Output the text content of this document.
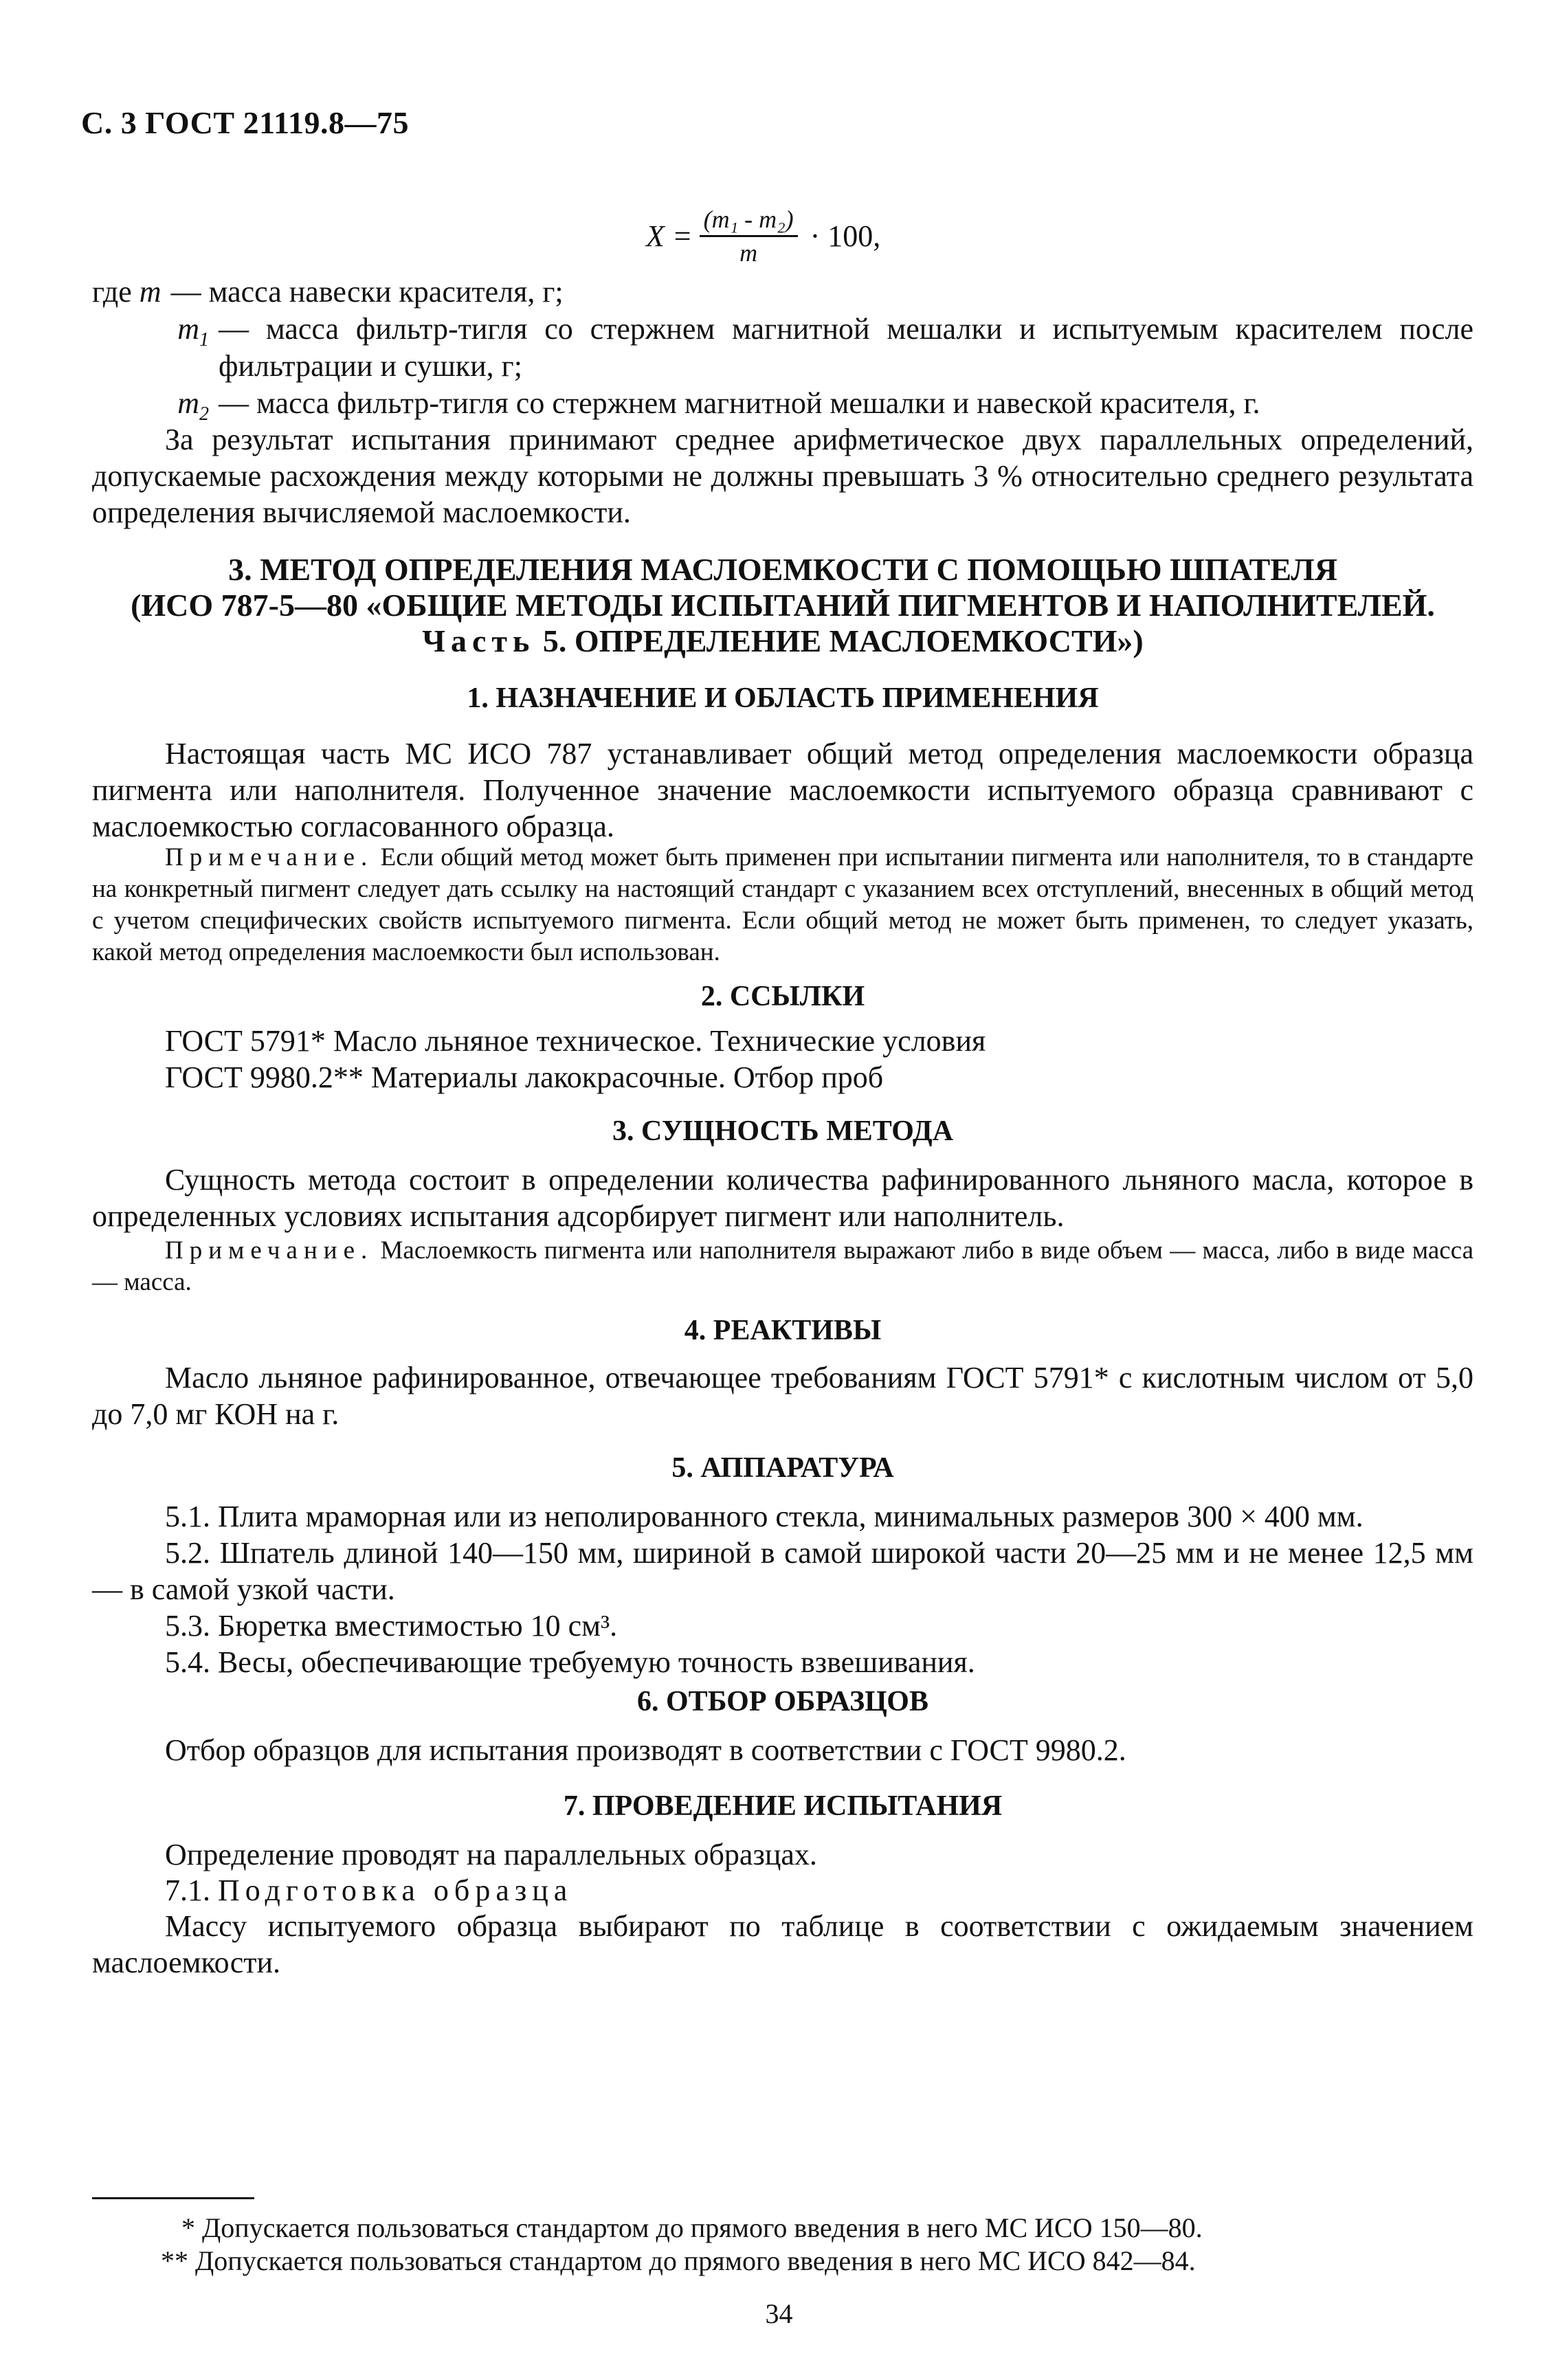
С. 3 ГОСТ 21119.8—75
$X = \frac{\text{(m₁ - m₂)}}{m} \cdot 100$,
где m — масса навески красителя, г;
$m_1$ — масса фильтр-тигля со стержнем магнитной мешалки и испытуемым красителем после фильтрации и сушки, г;
$m_2$ — масса фильтр-тигля со стержнем магнитной мешалки и навеской красителя, г.
За результат испытания принимают среднее арифметическое двух параллельных определений, допускаемые расхождения между которыми не должны превышать 3 % относительно среднего результата определения вычисляемой маслоемкости.
3. МЕТОД ОПРЕДЕЛЕНИЯ МАСЛОЕМКОСТИ С ПОМОЩЬЮ ШПАТЕЛЯ
(ИСО 787-5—80 «ОБЩИЕ МЕТОДЫ ИСПЫТАНИЙ ПИГМЕНТОВ И НАПОЛНИТЕЛЕЙ.
Часть 5. ОПРЕДЕЛЕНИЕ МАСЛОЕМКОСТИ»)
1. НАЗНАЧЕНИЕ И ОБЛАСТЬ ПРИМЕНЕНИЯ
Настоящая часть МС ИСО 787 устанавливает общий метод определения маслоемкости образца пигмента или наполнителя. Полученное значение маслоемкости испытуемого образца сравнивают с маслоемкостью согласованного образца.
Примечание. Если общий метод может быть применен при испытании пигмента или наполнителя, то в стандарте на конкретный пигмент следует дать ссылку на настоящий стандарт с указанием всех отступлений, внесенных в общий метод с учетом специфических свойств испытуемого пигмента. Если общий метод не может быть применен, то следует указать, какой метод определения маслоемкости был использован.
2. ССЫЛКИ
ГОСТ 5791* Масло льняное техническое. Технические условия
ГОСТ 9980.2** Материалы лакокрасочные. Отбор проб
3. СУЩНОСТЬ МЕТОДА
Сущность метода состоит в определении количества рафинированного льняного масла, которое в определенных условиях испытания адсорбирует пигмент или наполнитель.
Примечание. Маслоемкость пигмента или наполнителя выражают либо в виде объем — масса, либо в виде масса — масса.
4. РЕАКТИВЫ
Масло льняное рафинированное, отвечающее требованиям ГОСТ 5791* с кислотным числом от 5,0 до 7,0 мг КОН на г.
5. АППАРАТУРА
5.1. Плита мраморная или из неполированного стекла, минимальных размеров 300 × 400 мм.
5.2. Шпатель длиной 140—150 мм, шириной в самой широкой части 20—25 мм и не менее 12,5 мм — в самой узкой части.
5.3. Бюретка вместимостью 10 см³.
5.4. Весы, обеспечивающие требуемую точность взвешивания.
6. ОТБОР ОБРАЗЦОВ
Отбор образцов для испытания производят в соответствии с ГОСТ 9980.2.
7. ПРОВЕДЕНИЕ ИСПЫТАНИЯ
Определение проводят на параллельных образцах.
7.1. Подготовка образца
Массу испытуемого образца выбирают по таблице в соответствии с ожидаемым значением маслоемкости.
* Допускается пользоваться стандартом до прямого введения в него МС ИСО 150—80.
** Допускается пользоваться стандартом до прямого введения в него МС ИСО 842—84.
34
